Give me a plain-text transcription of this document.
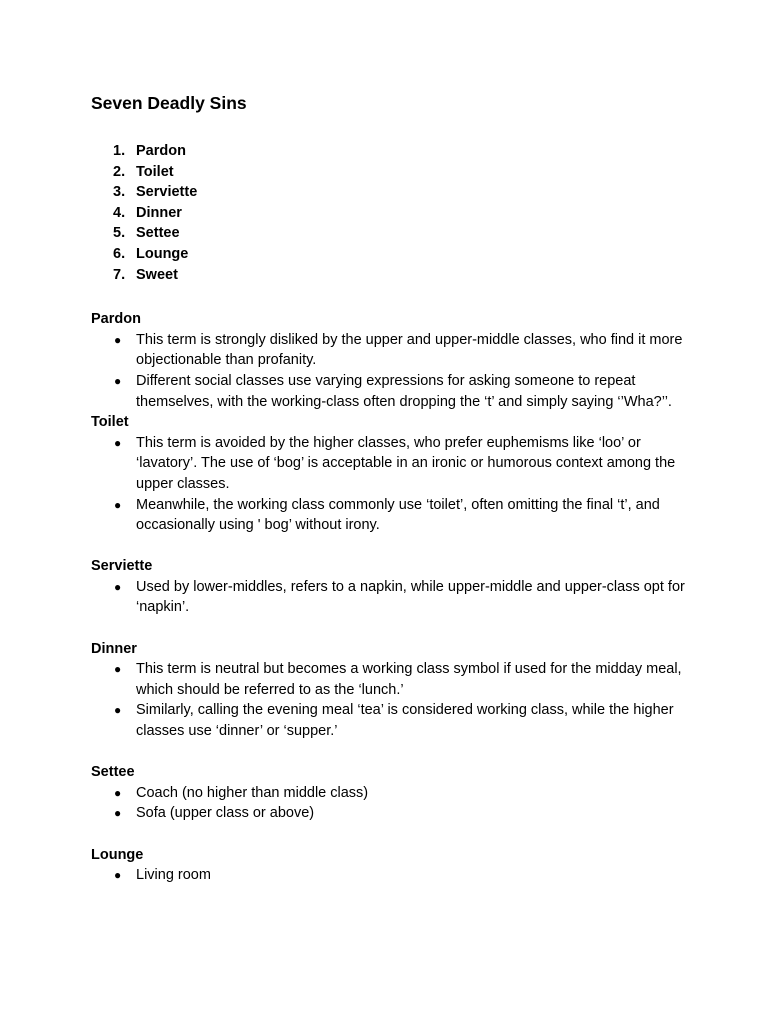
Seven Deadly Sins
1. Pardon
2. Toilet
3. Serviette
4. Dinner
5. Settee
6. Lounge
7. Sweet
Pardon
● This term is strongly disliked by the upper and upper-middle classes, who find it more objectionable than profanity.
● Different social classes use varying expressions for asking someone to repeat themselves, with the working-class often dropping the ‘t’ and simply saying ‘’Wha?’’.
Toilet
● This term is avoided by the higher classes, who prefer euphemisms like ‘loo’ or ‘lavatory’. The use of ‘bog’ is acceptable in an ironic or humorous context among the upper classes.
● Meanwhile, the working class commonly use ‘toilet’, often omitting the final ‘t’, and occasionally using ' bog’ without irony.
Serviette
● Used by lower-middles, refers to a napkin, while upper-middle and upper-class opt for ‘napkin’.
Dinner
● This term is neutral but becomes a working class symbol if used for the midday meal, which should be referred to as the ‘lunch.’
● Similarly, calling the evening meal ‘tea’ is considered working class, while the higher classes use ‘dinner’ or ‘supper.’
Settee
● Coach (no higher than middle class)
● Sofa (upper class or above)
Lounge
● Living room
